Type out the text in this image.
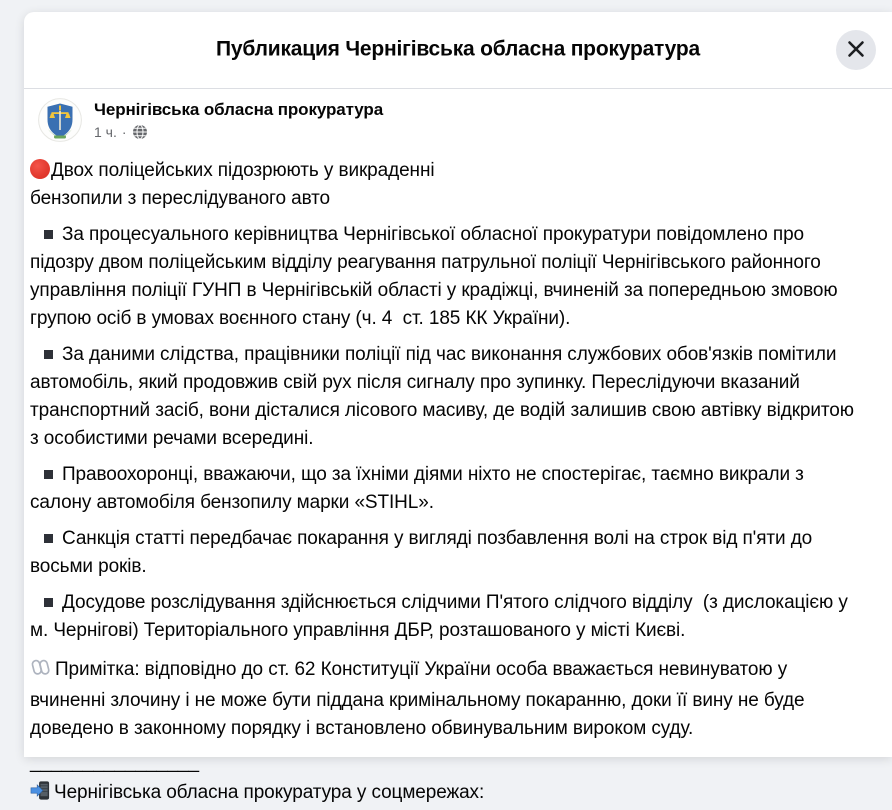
Публикация Чернігівська обласна прокуратура
Чернігівська обласна прокуратура
1 ч. ·
Двох поліцейських підозрюють у викраденні
бензопили з переслідуваного авто
За процесуального керівництва Чернігівської обласної прокуратури повідомлено про підозру двом поліцейським відділу реагування патрульної поліції Чернігівського районного управління поліції ГУНП в Чернігівській області у крадіжці, вчиненій за попередньою змовою групою осіб в умовах воєнного стану (ч. 4  ст. 185 КК України).
За даними слідства, працівники поліції під час виконання службових обов'язків помітили автомобіль, який продовжив свій рух після сигналу про зупинку. Переслідуючи вказаний транспортний засіб, вони дісталися лісового масиву, де водій залишив свою автівку відкритою з особистими речами всередині.
Правоохоронці, вважаючи, що за їхніми діями ніхто не спостерігає, таємно викрали з салону автомобіля бензопилу марки «STIHL».
Санкція статті передбачає покарання у вигляді позбавлення волі на строк від п'яти до восьми років.
Досудове розслідування здійснюється слідчими П'ятого слідчого відділу  (з дислокацією у м. Чернігові) Територіального управління ДБР, розташованого у місті Києві.
Примітка: відповідно до ст. 62 Конституції України особа вважається невинуватою у вчиненні злочину і не може бути піддана кримінальному покаранню, доки її вину не буде доведено в законному порядку і встановлено обвинувальним вироком суду.
________________
Чернігівська обласна прокуратура у соцмережах:
